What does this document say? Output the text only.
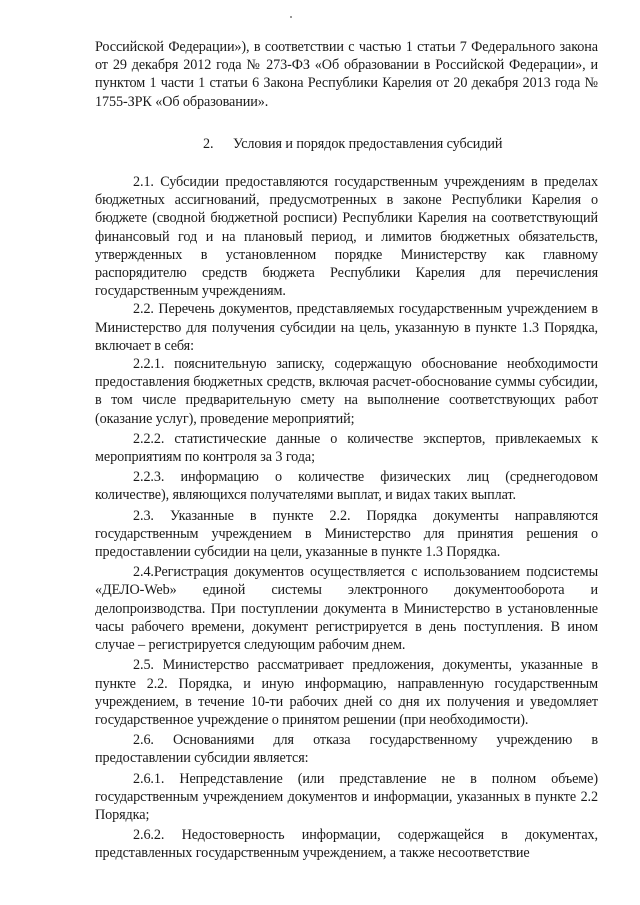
Российской Федерации»), в соответствии с частью 1 статьи 7 Федерального закона от 29 декабря 2012 года № 273-ФЗ «Об образовании в Российской Федерации», и пунктом 1 части 1 статьи 6 Закона Республики Карелия от 20 декабря 2013 года № 1755-ЗРК «Об образовании».

2. Условия и порядок предоставления субсидий

2.1. Субсидии предоставляются государственным учреждениям в пределах бюджетных ассигнований, предусмотренных в законе Республики Карелия о бюджете (сводной бюджетной росписи) Республики Карелия на соответствующий финансовый год и на плановый период, и лимитов бюджетных обязательств, утвержденных в установленном порядке Министерству как главному распорядителю средств бюджета Республики Карелия для перечисления государственным учреждениям.

2.2. Перечень документов, представляемых государственным учреждением в Министерство для получения субсидии на цель, указанную в пункте 1.3 Порядка, включает в себя:

2.2.1. пояснительную записку, содержащую обоснование необходимости предоставления бюджетных средств, включая расчет-обоснование суммы субсидии, в том числе предварительную смету на выполнение соответствующих работ (оказание услуг), проведение мероприятий;

2.2.2. статистические данные о количестве экспертов, привлекаемых к мероприятиям по контроля за 3 года;

2.2.3. информацию о количестве физических лиц (среднегодовом количестве), являющихся получателями выплат, и видах таких выплат.

2.3. Указанные в пункте 2.2. Порядка документы направляются государственным учреждением в Министерство для принятия решения о предоставлении субсидии на цели, указанные в пункте 1.3 Порядка.

2.4.Регистрация документов осуществляется с использованием подсистемы «ДЕЛО-Web» единой системы электронного документооборота и делопроизводства. При поступлении документа в Министерство в установленные часы рабочего времени, документ регистрируется в день поступления. В ином случае – регистрируется следующим рабочим днем.

2.5. Министерство рассматривает предложения, документы, указанные в пункте 2.2. Порядка, и иную информацию, направленную государственным учреждением, в течение 10-ти рабочих дней со дня их получения и уведомляет государственное учреждение о принятом решении (при необходимости).

2.6. Основаниями для отказа государственному учреждению в предоставлении субсидии является:

2.6.1. Непредставление (или представление не в полном объеме) государственным учреждением документов и информации, указанных в пункте 2.2 Порядка;

2.6.2. Недостоверность информации, содержащейся в документах, представленных государственным учреждением, а также несоответствие
